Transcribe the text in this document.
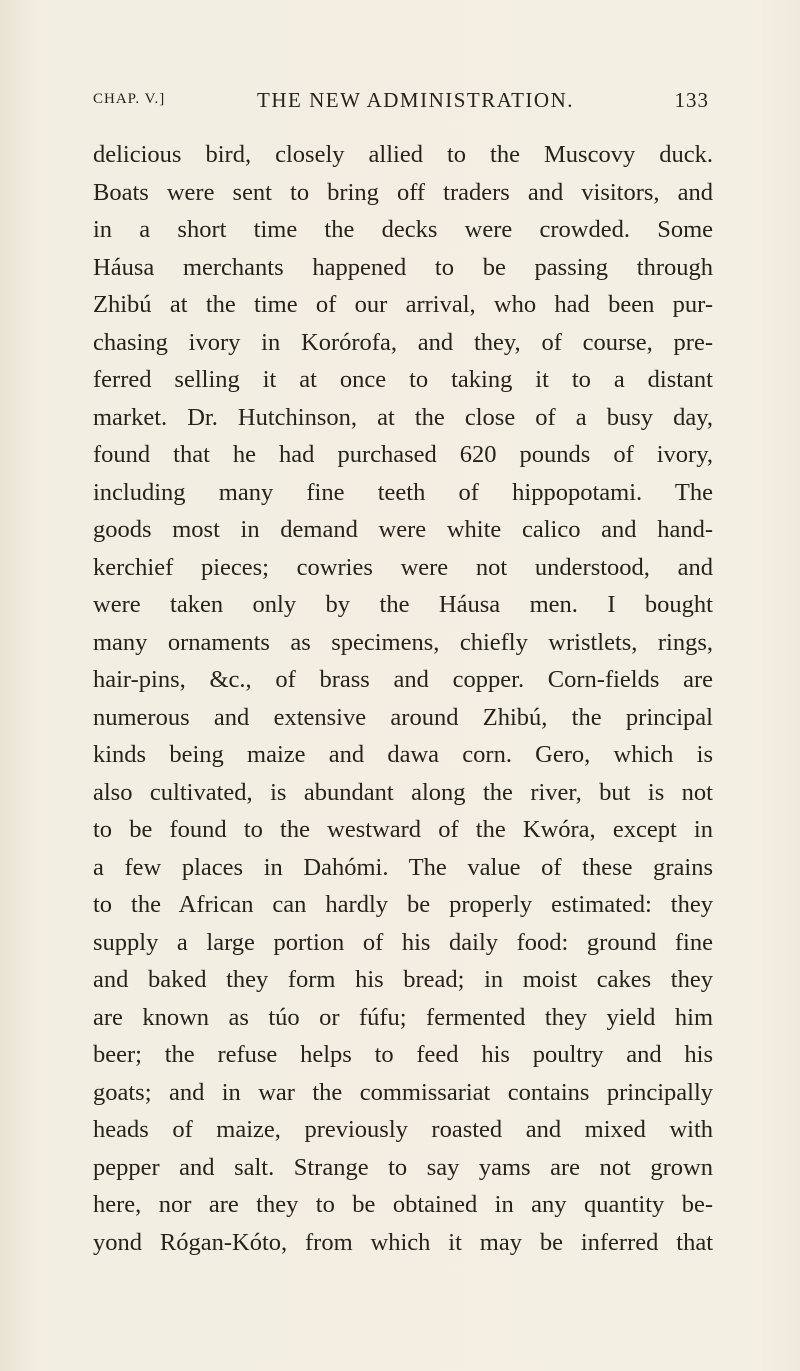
CHAP. V.]	THE NEW ADMINISTRATION.	133
delicious bird, closely allied to the Muscovy duck.
Boats were sent to bring off traders and visitors, and
in a short time the decks were crowded. Some
Háusa merchants happened to be passing through
Zhibú at the time of our arrival, who had been pur-
chasing ivory in Korórofa, and they, of course, pre-
ferred selling it at once to taking it to a distant
market. Dr. Hutchinson, at the close of a busy day,
found that he had purchased 620 pounds of ivory,
including many fine teeth of hippopotami. The
goods most in demand were white calico and hand-
kerchief pieces; cowries were not understood, and
were taken only by the Háusa men. I bought
many ornaments as specimens, chiefly wristlets, rings,
hair-pins, &c., of brass and copper. Corn-fields are
numerous and extensive around Zhibú, the principal
kinds being maize and dawa corn. Gero, which is
also cultivated, is abundant along the river, but is not
to be found to the westward of the Kwóra, except in
a few places in Dahómi. The value of these grains
to the African can hardly be properly estimated: they
supply a large portion of his daily food: ground fine
and baked they form his bread; in moist cakes they
are known as túo or fúfu; fermented they yield him
beer; the refuse helps to feed his poultry and his
goats; and in war the commissariat contains principally
heads of maize, previously roasted and mixed with
pepper and salt. Strange to say yams are not grown
here, nor are they to be obtained in any quantity be-
yond Rógan-Kóto, from which it may be inferred that
